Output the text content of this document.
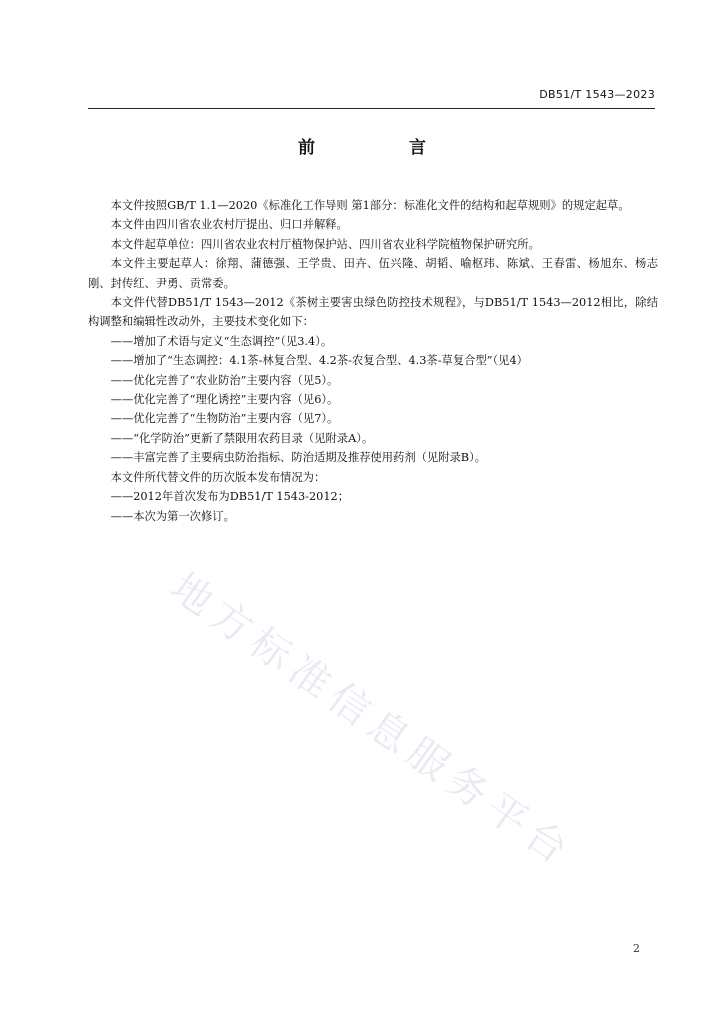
DB51/T 1543—2023
前 言

本文件按照GB/T 1.1—2020《标准化工作导则 第1部分：标准化文件的结构和起草规则》的规定起草。

本文件由四川省农业农村厅提出、归口并解释。

本文件起草单位：四川省农业农村厅植物保护站、四川省农业科学院植物保护研究所。

本文件主要起草人：徐翔、蒲德强、王学贵、田卉、伍兴隆、胡韬、喻枢玮、陈斌、王春雷、杨旭东、杨志刚、封传红、尹勇、贡常委。

本文件代替DB51/T 1543—2012《茶树主要害虫绿色防控技术规程》，与DB51/T 1543—2012相比，除结构调整和编辑性改动外，主要技术变化如下：

——增加了术语与定义“生态调控”（见3.4）。

——增加了“生态调控：4.1茶-林复合型、4.2茶-农复合型、4.3茶-草复合型”（见4）

——优化完善了“农业防治”主要内容（见5）。

——优化完善了“理化诱控”主要内容（见6）。

——优化完善了“生物防治”主要内容（见7）。

——“化学防治”更新了禁限用农药目录（见附录A）。

——丰富完善了主要病虫防治指标、防治适期及推荐使用药剂（见附录B）。

本文件所代替文件的历次版本发布情况为：

——2012年首次发布为DB51/T 1543-2012；

——本次为第一次修订。

地方标准信息服务平台
2
